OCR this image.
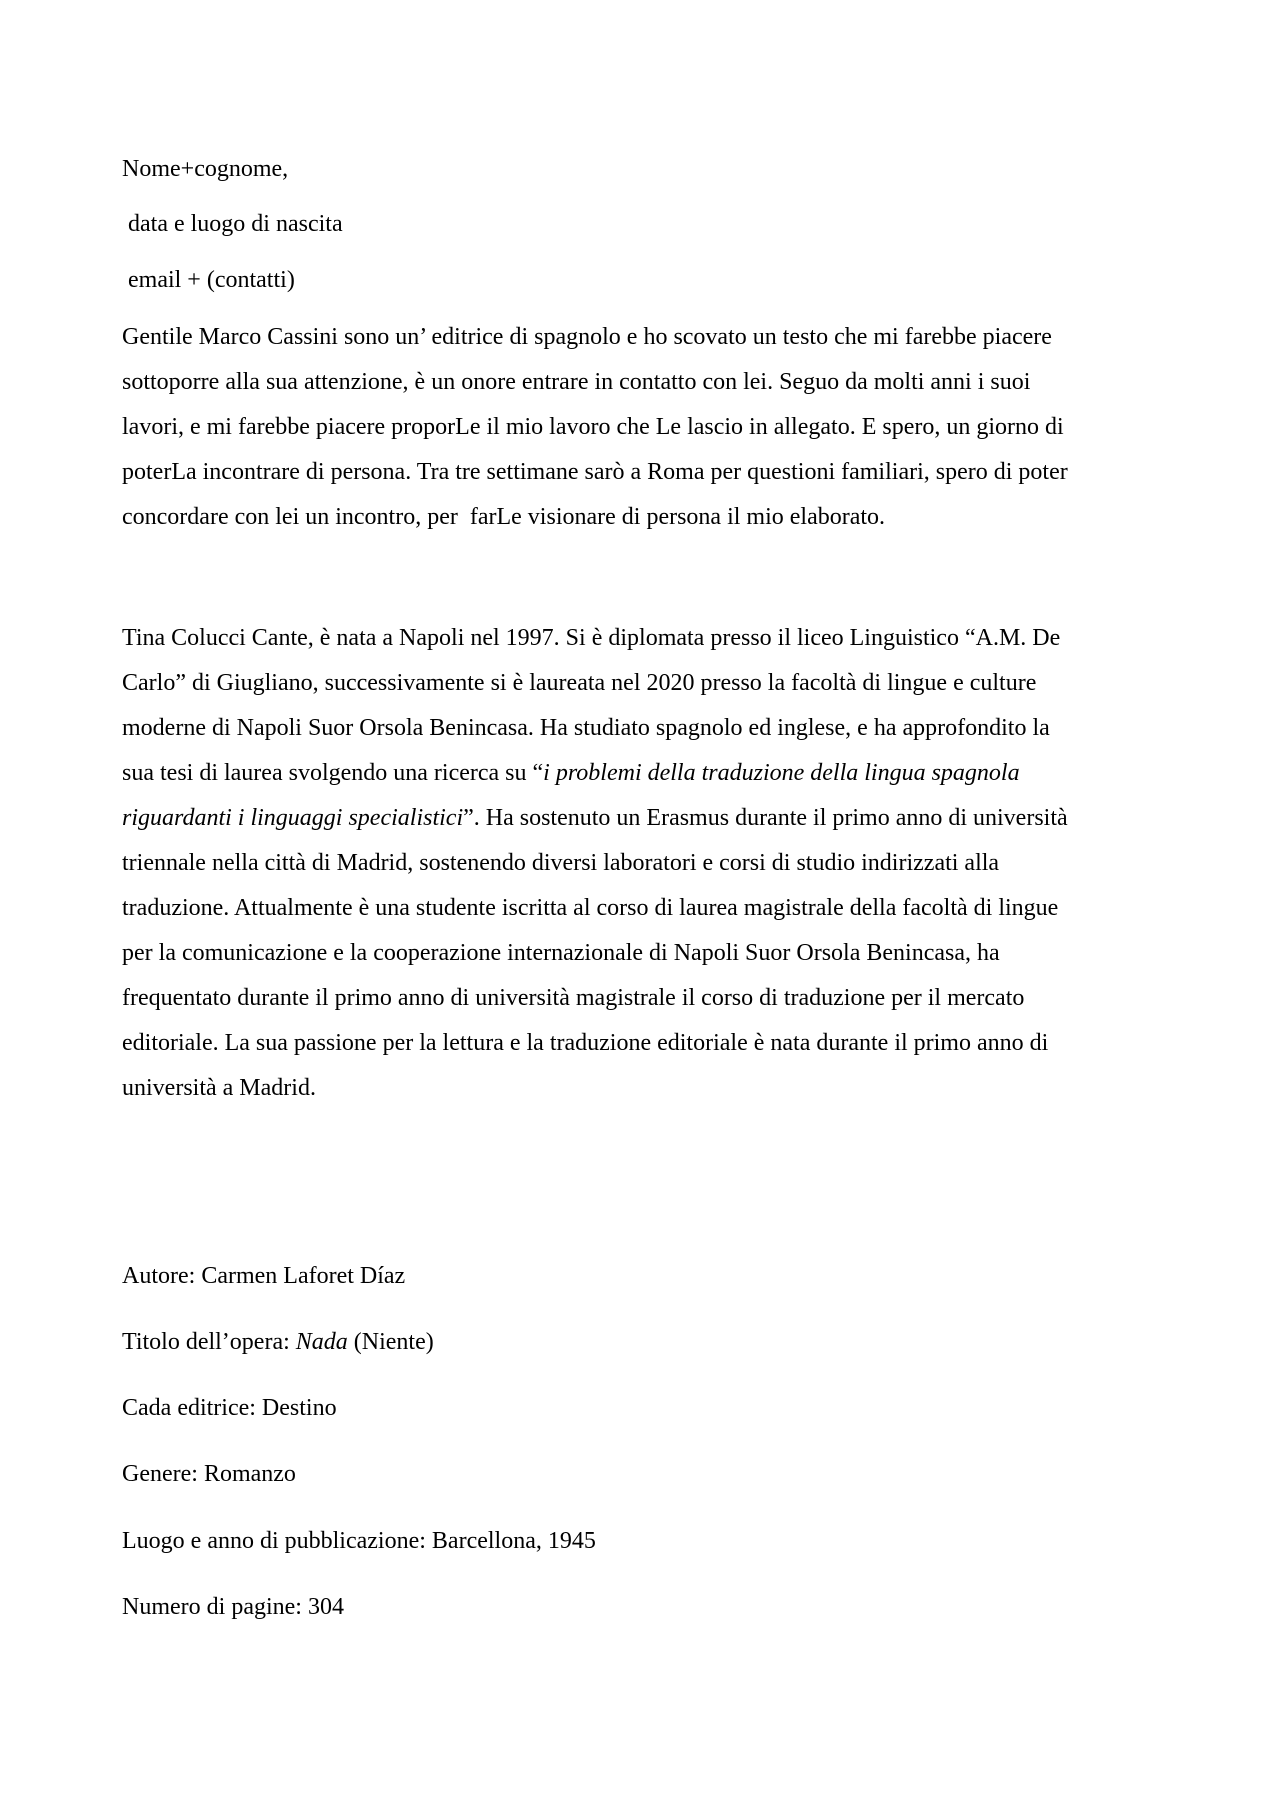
Nome+cognome,

data e luogo di nascita

email + (contatti)

Gentile Marco Cassini sono un’ editrice di spagnolo e ho scovato un testo che mi farebbe piacere
sottoporre alla sua attenzione, è un onore entrare in contatto con lei. Seguo da molti anni i suoi
lavori, e mi farebbe piacere proporLe il mio lavoro che Le lascio in allegato. E spero, un giorno di
poterLa incontrare di persona. Tra tre settimane sarò a Roma per questioni familiari, spero di poter
concordare con lei un incontro, per  farLe visionare di persona il mio elaborato.
Tina Colucci Cante, è nata a Napoli nel 1997. Si è diplomata presso il liceo Linguistico “A.M. De
Carlo” di Giugliano, successivamente si è laureata nel 2020 presso la facoltà di lingue e culture
moderne di Napoli Suor Orsola Benincasa. Ha studiato spagnolo ed inglese, e ha approfondito la
sua tesi di laurea svolgendo una ricerca su “i problemi della traduzione della lingua spagnola
riguardanti i linguaggi specialistici”. Ha sostenuto un Erasmus durante il primo anno di università
triennale nella città di Madrid, sostenendo diversi laboratori e corsi di studio indirizzati alla
traduzione. Attualmente è una studente iscritta al corso di laurea magistrale della facoltà di lingue
per la comunicazione e la cooperazione internazionale di Napoli Suor Orsola Benincasa, ha
frequentato durante il primo anno di università magistrale il corso di traduzione per il mercato
editoriale. La sua passione per la lettura e la traduzione editoriale è nata durante il primo anno di
università a Madrid.

Autore: Carmen Laforet Díaz

Titolo dell’opera: Nada (Niente)

Cada editrice: Destino

Genere: Romanzo

Luogo e anno di pubblicazione: Barcellona, 1945

Numero di pagine: 304
